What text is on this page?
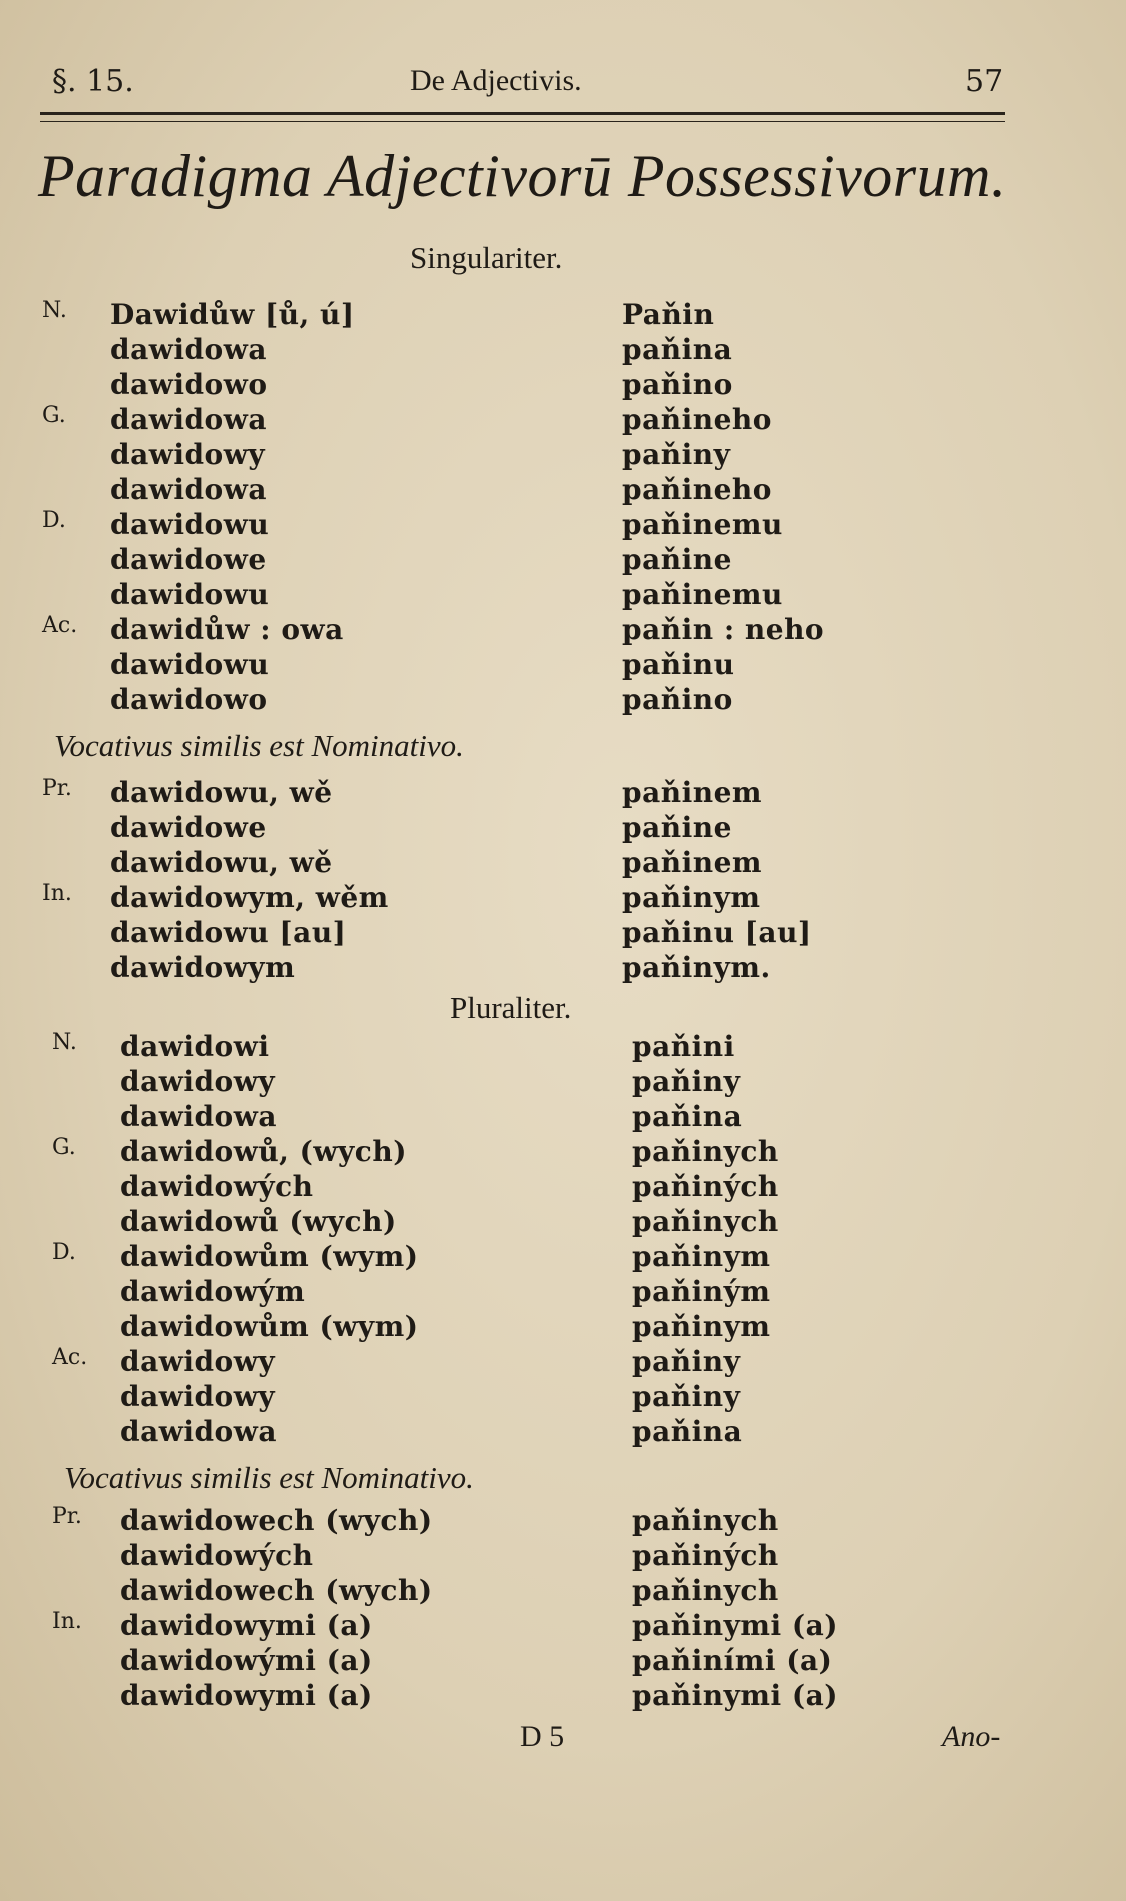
§. 15.	De Adjectivis.	57
Paradigma Adjectivorū Possessivorum.
Singulariter.
N.	Dawidůw [ů, ú]	Paňin
dawidowa	paňina
dawidowo	paňino
G.	dawidowa	paňineho
dawidowy	paňiny
dawidowa	paňineho
D.	dawidowu	paňinemu
dawidowe	paňine
dawidowu	paňinemu
Ac.	dawidůw : owa	paňin : neho
dawidowu	paňinu
dawidowo	paňino
Vocativus similis est Nominativo.
Pr.	dawidowu, wě	paňinem
dawidowe	paňine
dawidowu, wě	paňinem
In.	dawidowym, wěm	paňinym
dawidowu [au]	paňinu [au]
dawidowym	paňinym.
Pluraliter.
N.	dawidowi	paňini
dawidowy	paňiny
dawidowa	paňina
G.	dawidowů, (wych)	paňinych
dawidowých	paňiných
dawidowů (wych)	paňinych
D.	dawidowům (wym)	paňinym
dawidowým	paňiným
dawidowům (wym)	paňinym
Ac.	dawidowy	paňiny
dawidowy	paňiny
dawidowa	paňina
Vocativus similis est Nominativo.
Pr.	dawidowech (wych)	paňinych
dawidowých	paňiných
dawidowech (wych)	paňinych
In.	dawidowymi (a)	paňinymi (a)
dawidowými (a)	paňiními (a)
dawidowymi (a)	paňinymi (a)
D 5	Ano-
